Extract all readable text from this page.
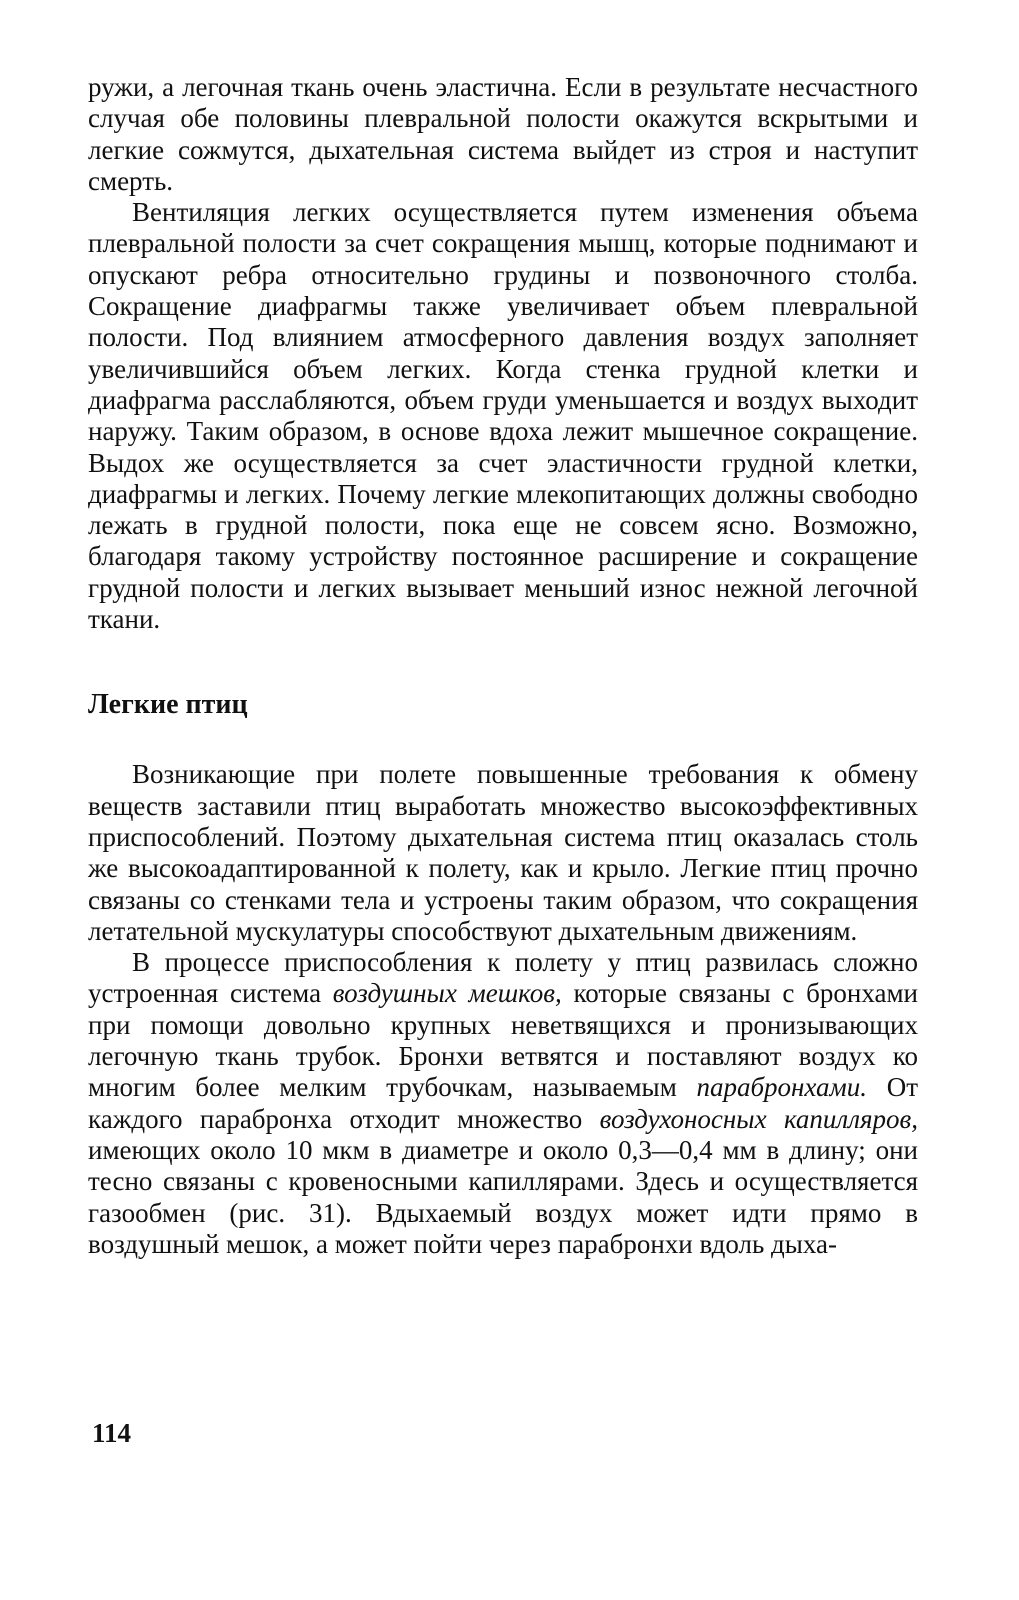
ружи, а легочная ткань очень эластична. Если в результате несчастного случая обе половины плевральной полости окажутся вскрытыми и легкие сожмутся, дыхательная система выйдет из строя и наступит смерть.

Вентиляция легких осуществляется путем изменения объема плевральной полости за счет сокращения мышц, которые поднимают и опускают ребра относительно грудины и позвоночного столба. Сокращение диафрагмы также увеличивает объем плевральной полости. Под влиянием атмосферного давления воздух заполняет увеличившийся объем легких. Когда стенка грудной клетки и диафрагма расслабляются, объем груди уменьшается и воздух выходит наружу. Таким образом, в основе вдоха лежит мышечное сокращение. Выдох же осуществляется за счет эластичности грудной клетки, диафрагмы и легких. Почему легкие млекопитающих должны свободно лежать в грудной полости, пока еще не совсем ясно. Возможно, благодаря такому устройству постоянное расширение и сокращение грудной полости и легких вызывает меньший износ нежной легочной ткани.

Легкие птиц

Возникающие при полете повышенные требования к обмену веществ заставили птиц выработать множество высокоэффективных приспособлений. Поэтому дыхательная система птиц оказалась столь же высокоадаптированной к полету, как и крыло. Легкие птиц прочно связаны со стенками тела и устроены таким образом, что сокращения летательной мускулатуры способствуют дыхательным движениям.

В процессе приспособления к полету у птиц развилась сложно устроенная система воздушных мешков, которые связаны с бронхами при помощи довольно крупных неветвящихся и пронизывающих легочную ткань трубок. Бронхи ветвятся и поставляют воздух ко многим более мелким трубочкам, называемым парабронхами. От каждого парабронха отходит множество воздухоносных капилляров, имеющих около 10 мкм в диаметре и около 0,3—0,4 мм в длину; они тесно связаны с кровеносными капиллярами. Здесь и осуществляется газообмен (рис. 31). Вдыхаемый воздух может идти прямо в воздушный мешок, а может пойти через парабронхи вдоль дыха-

114
